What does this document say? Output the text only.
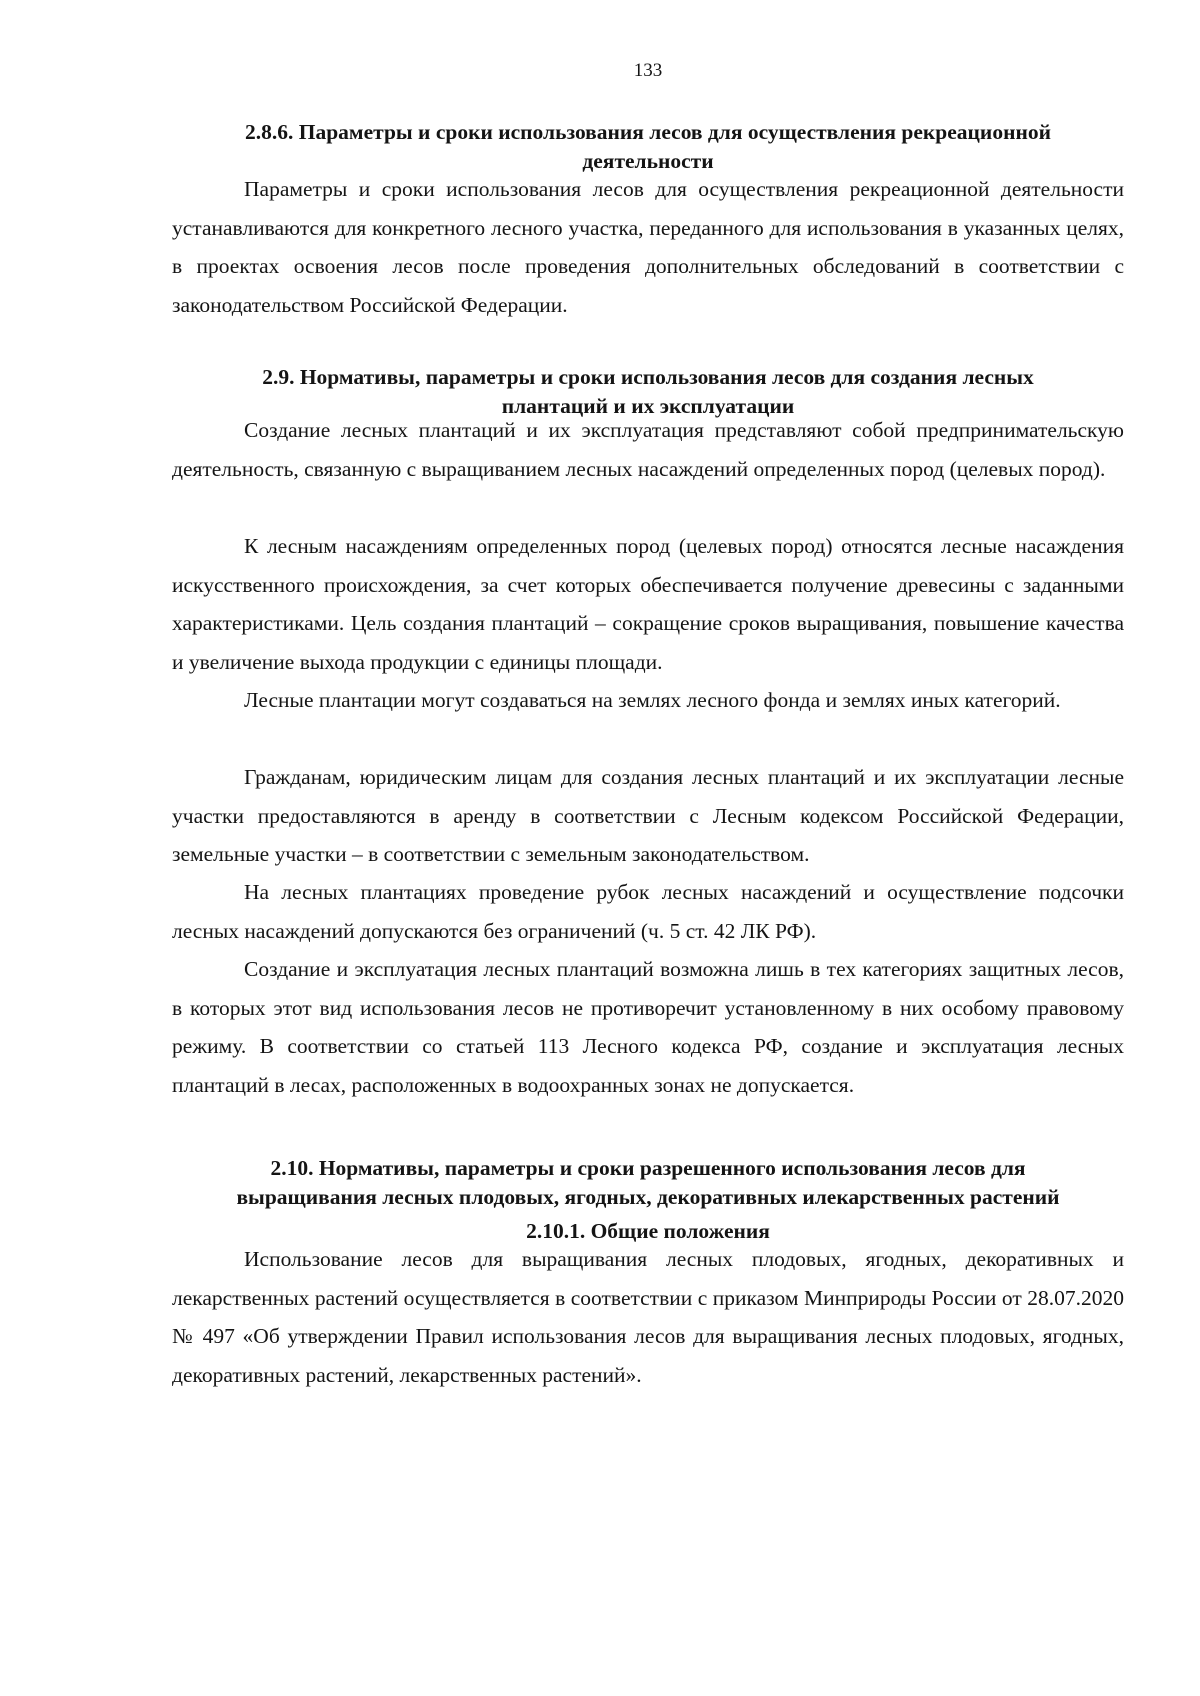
133
2.8.6. Параметры и сроки использования лесов для осуществления рекреационной
деятельности

Параметры и сроки использования лесов для осуществления рекреационной деятельности устанавливаются для конкретного лесного участка, переданного для использования в указанных целях, в проектах освоения лесов после проведения дополнительных обследований в соответствии с законодательством Российской Федерации.

2.9. Нормативы, параметры и сроки использования лесов для создания лесных
плантаций и их эксплуатации

Создание лесных плантаций и их эксплуатация представляют собой предпринимательскую деятельность, связанную с выращиванием лесных насаждений определенных пород (целевых пород).

К лесным насаждениям определенных пород (целевых пород) относятся лесные насаждения искусственного происхождения, за счет которых обеспечивается получение древесины с заданными характеристиками. Цель создания плантаций – сокращение сроков выращивания, повышение качества и увеличение выхода продукции с единицы площади.

Лесные плантации могут создаваться на землях лесного фонда и землях иных категорий.

Гражданам, юридическим лицам для создания лесных плантаций и их эксплуатации лесные участки предоставляются в аренду в соответствии с Лесным кодексом Российской Федерации, земельные участки – в соответствии с земельным законодательством.

На лесных плантациях проведение рубок лесных насаждений и осуществление подсочки лесных насаждений допускаются без ограничений (ч. 5 ст. 42 ЛК РФ).

Создание и эксплуатация лесных плантаций возможна лишь в тех категориях защитных лесов, в которых этот вид использования лесов не противоречит установленному в них особому правовому режиму. В соответствии со статьей 113 Лесного кодекса РФ, создание и эксплуатация лесных плантаций в лесах, расположенных в водоохранных зонах не допускается.

2.10. Нормативы, параметры и сроки разрешенного использования лесов для
выращивания лесных плодовых, ягодных, декоративных илекарственных растений
2.10.1. Общие положения

Использование лесов для выращивания лесных плодовых, ягодных, декоративных и лекарственных растений осуществляется в соответствии с приказом Минприроды России от 28.07.2020 № 497 «Об утверждении Правил использования лесов для выращивания лесных плодовых, ягодных, декоративных растений, лекарственных растений».
